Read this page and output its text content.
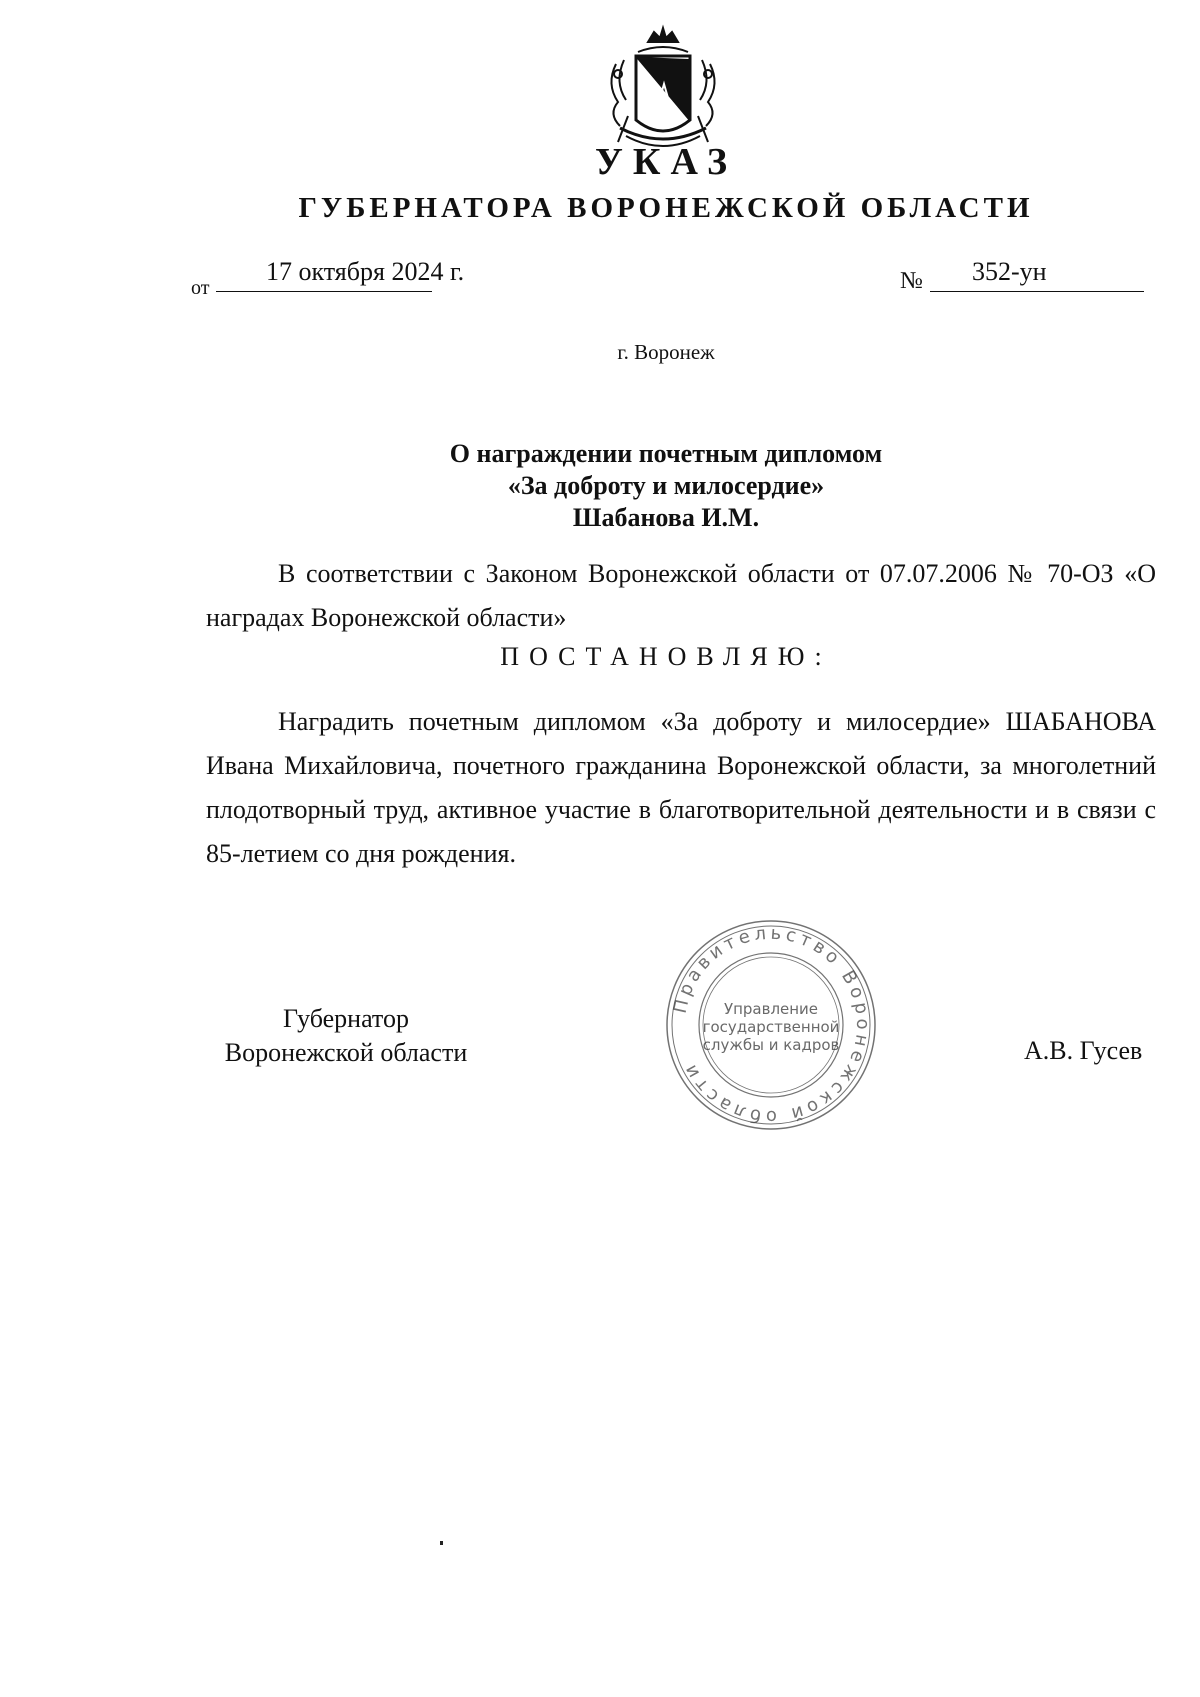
УКАЗ
ГУБЕРНАТОРА ВОРОНЕЖСКОЙ ОБЛАСТИ
от
17 октября 2024 г.	№ 352-ун
г. Воронеж
О награждении почетным дипломом
«За доброту и милосердие»
Шабанова И.М.
В соответствии с Законом Воронежской области от 07.07.2006 № 70-ОЗ «О наградах Воронежской области»
ПОСТАНОВЛЯЮ:
Наградить почетным дипломом «За доброту и милосердие» ШАБАНОВА Ивана Михайловича, почетного гражданина Воронежской области, за многолетний плодотворный труд, активное участие в благотворительной деятельности и в связи с 85-летием со дня рождения.
Губернатор
Воронежской области
Правительство Воронежской области
Управление
государственной
службы и кадров	А.В. Гусев
